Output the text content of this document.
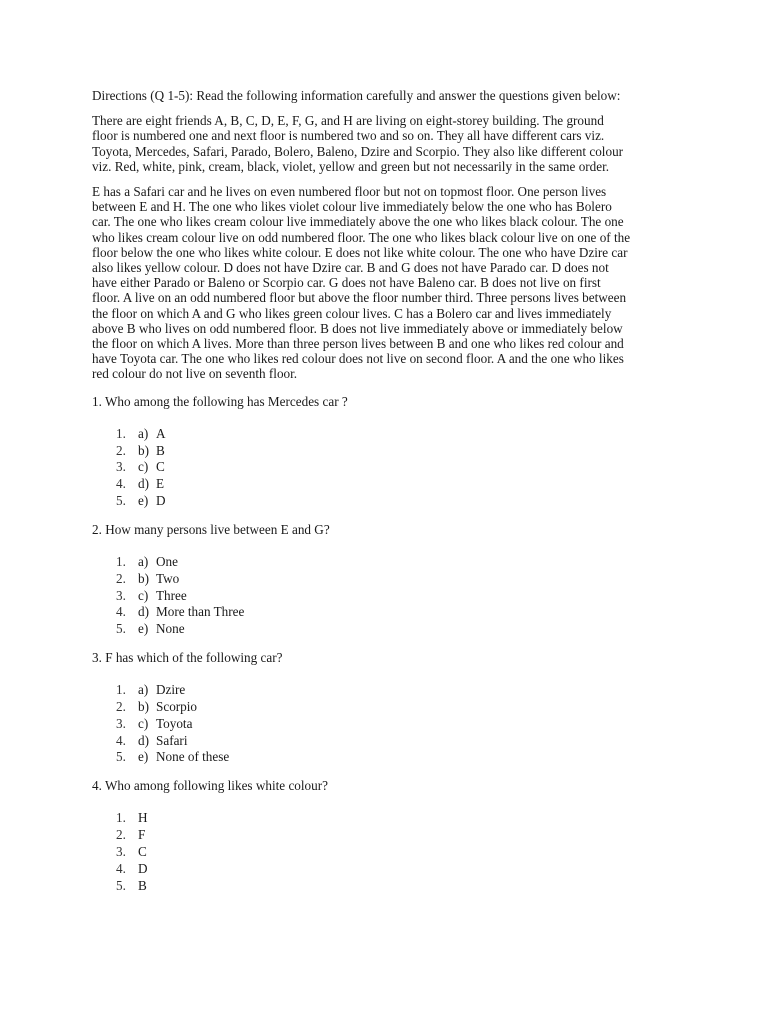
Directions (Q 1-5): Read the following information carefully and answer the questions given below:

There are eight friends A, B, C, D, E, F, G, and H are living on eight-storey building. The ground
floor is numbered one and next floor is numbered two and so on. They all have different cars viz.
Toyota, Mercedes, Safari, Parado, Bolero, Baleno, Dzire and Scorpio. They also like different colour
viz. Red, white, pink, cream, black, violet, yellow and green but not necessarily in the same order.
E has a Safari car and he lives on even numbered floor but not on topmost floor. One person lives
between E and H. The one who likes violet colour live immediately below the one who has Bolero
car. The one who likes cream colour live immediately above the one who likes black colour. The one
who likes cream colour live on odd numbered floor. The one who likes black colour live on one of the
floor below the one who likes white colour. E does not like white colour. The one who have Dzire car
also likes yellow colour. D does not have Dzire car. B and G does not have Parado car. D does not
have either Parado or Baleno or Scorpio car. G does not have Baleno car. B does not live on first
floor. A live on an odd numbered floor but above the floor number third. Three persons lives between
the floor on which A and G who likes green colour lives. C has a Bolero car and lives immediately
above B who lives on odd numbered floor. B does not live immediately above or immediately below
the floor on which A lives. More than three person lives between B and one who likes red colour and
have Toyota car. The one who likes red colour does not live on second floor. A and the one who likes
red colour do not live on seventh floor.

1. Who among the following has Mercedes car ?

1. a) A
2. b) B
3. c) C
4. d) E
5. e) D

2. How many persons live between E and G?

1. a) One
2. b) Two
3. c) Three
4. d) More than Three
5. e) None

3. F has which of the following car?

1. a) Dzire
2. b) Scorpio
3. c) Toyota
4. d) Safari
5. e) None of these

4. Who among following likes white colour?

1. H
2. F
3. C
4. D
5. B
